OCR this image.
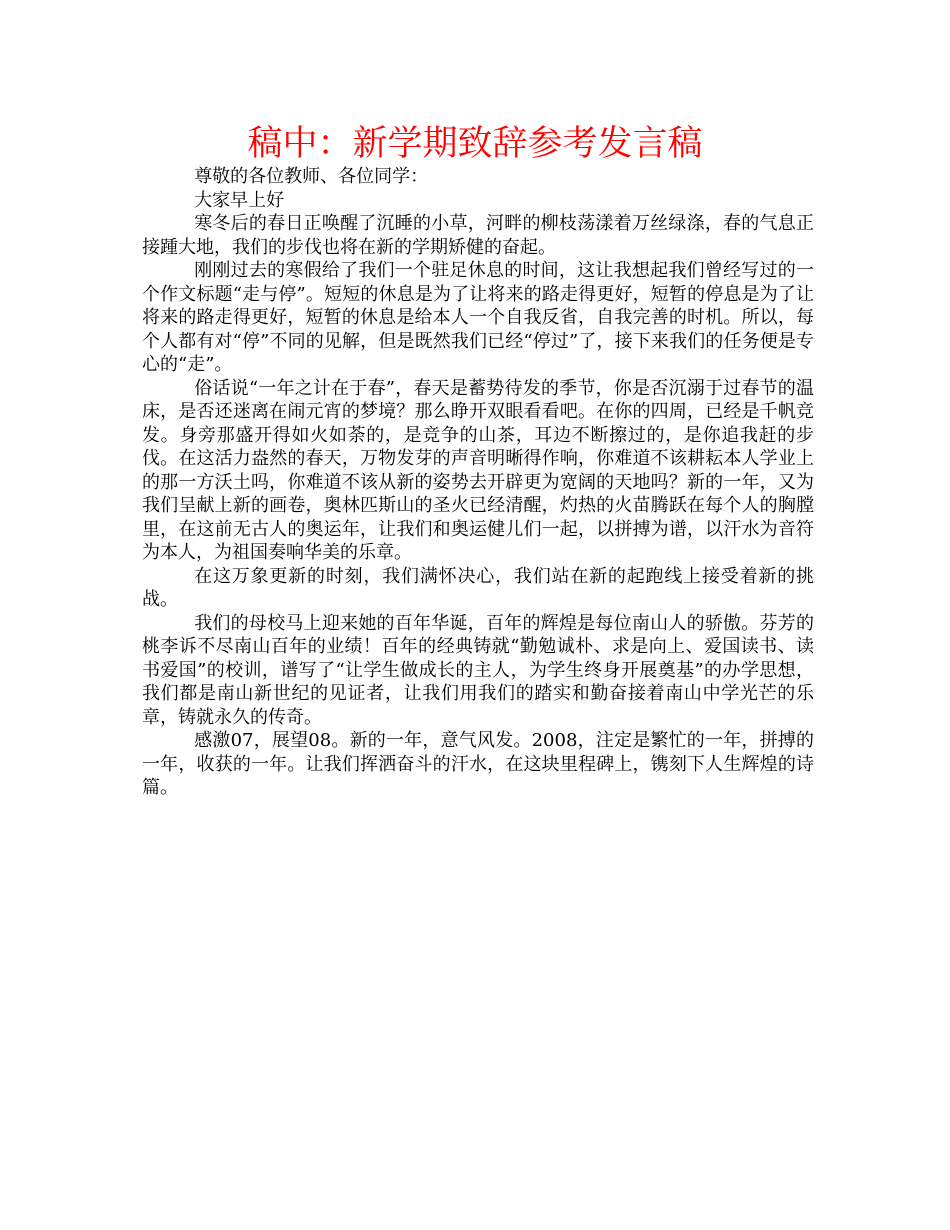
稿中：新学期致辞参考发言稿

尊敬的各位教师、各位同学：

大家早上好

寒冬后的春日正唤醒了沉睡的小草，河畔的柳枝荡漾着万丝绿涤，春的气息正接踵大地，我们的步伐也将在新的学期矫健的奋起。

刚刚过去的寒假给了我们一个驻足休息的时间，这让我想起我们曾经写过的一个作文标题“走与停”。短短的休息是为了让将来的路走得更好，短暂的停息是为了让将来的路走得更好，短暂的休息是给本人一个自我反省，自我完善的时机。所以，每个人都有对“停”不同的见解，但是既然我们已经“停过”了，接下来我们的任务便是专心的“走”。

俗话说“一年之计在于春”，春天是蓄势待发的季节，你是否沉溺于过春节的温床，是否还迷离在闹元宵的梦境？那么睁开双眼看看吧。在你的四周，已经是千帆竞发。身旁那盛开得如火如荼的，是竞争的山茶，耳边不断擦过的，是你追我赶的步伐。在这活力盎然的春天，万物发芽的声音明晰得作响，你难道不该耕耘本人学业上的那一方沃土吗，你难道不该从新的姿势去开辟更为宽阔的天地吗？新的一年，又为我们呈献上新的画卷，奥林匹斯山的圣火已经清醒，灼热的火苗腾跃在每个人的胸膛里，在这前无古人的奥运年，让我们和奥运健儿们一起，以拼搏为谱，以汗水为音符为本人，为祖国奏响华美的乐章。

在这万象更新的时刻，我们满怀决心，我们站在新的起跑线上接受着新的挑战。

我们的母校马上迎来她的百年华诞，百年的辉煌是每位南山人的骄傲。芬芳的桃李诉不尽南山百年的业绩！百年的经典铸就“勤勉诚朴、求是向上、爱国读书、读书爱国”的校训，谱写了“让学生做成长的主人，为学生终身开展奠基”的办学思想，我们都是南山新世纪的见证者，让我们用我们的踏实和勤奋接着南山中学光芒的乐章，铸就永久的传奇。

感激07，展望08。新的一年，意气风发。2008，注定是繁忙的一年，拼搏的一年，收获的一年。让我们挥洒奋斗的汗水，在这块里程碑上，镌刻下人生辉煌的诗篇。
